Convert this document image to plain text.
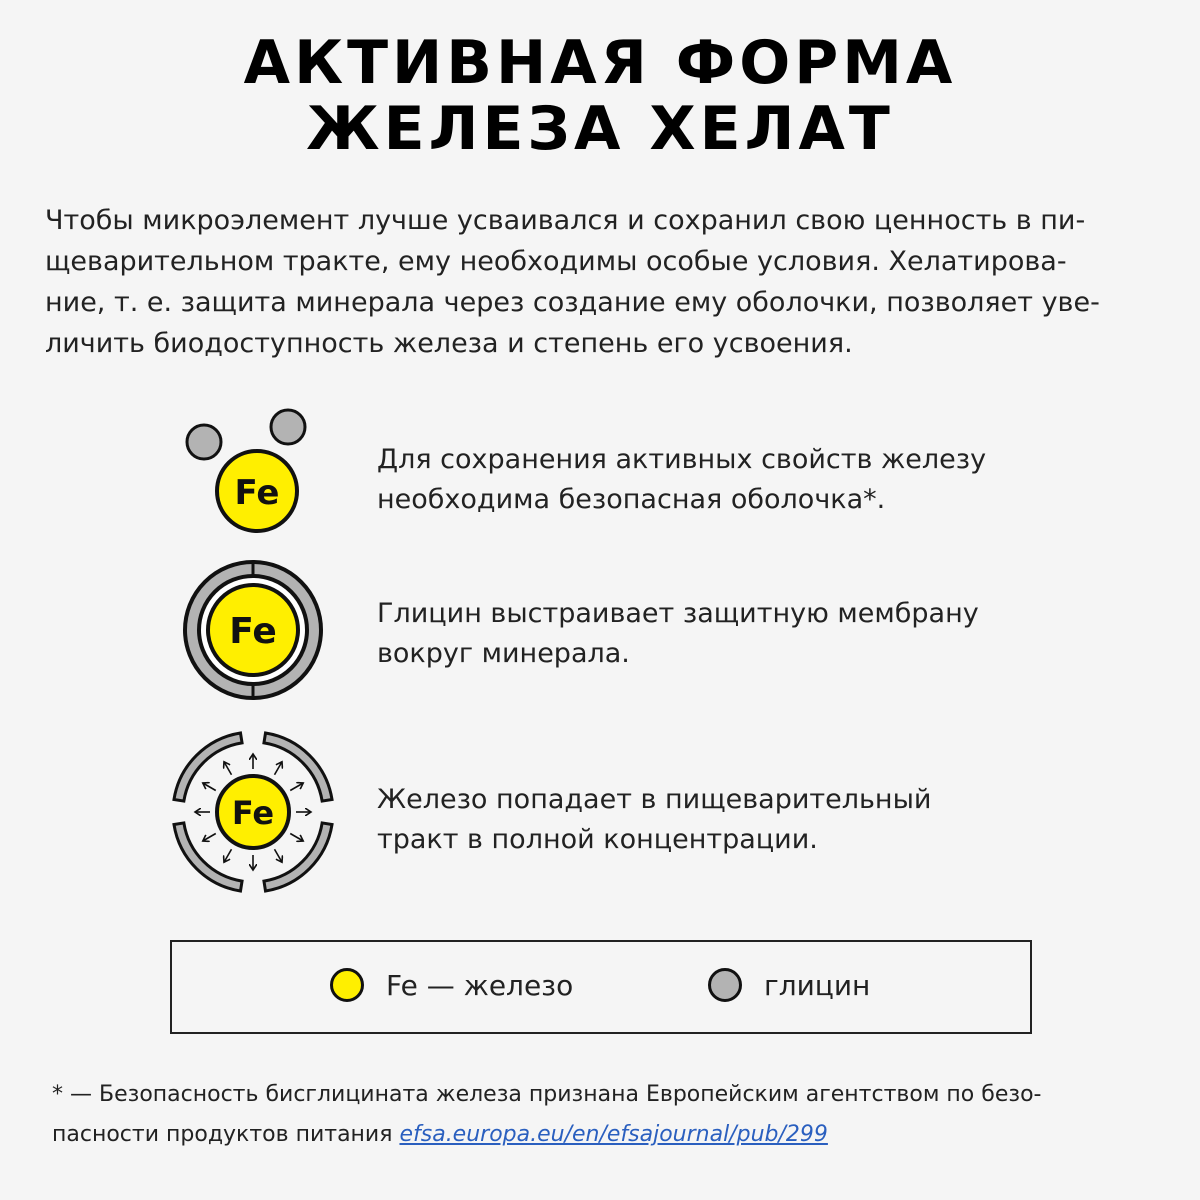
АКТИВНАЯ ФОРМА
ЖЕЛЕЗА ХЕЛАТ
Чтобы микроэлемент лучше усваивался и сохранил свою ценность в пи-
щеварительном тракте, ему необходимы особые условия. Хелатирова-
ние, т. е. защита минерала через создание ему оболочки, позволяет уве-
личить биодоступность железа и степень его усвоения.
Fe
Для сохранения активных свойств железу
необходима безопасная оболочка*.
Fe	Глицин выстраивает защитную мембрану
вокруг минерала.
Fe	Железо попадает в пищеварительный
тракт в полной концентрации.
Fe — железо	глицин
* — Безопасность бисглицината железа признана Европейским агентством по безо-
пасности продуктов питания efsa.europa.eu/en/efsajournal/pub/299
